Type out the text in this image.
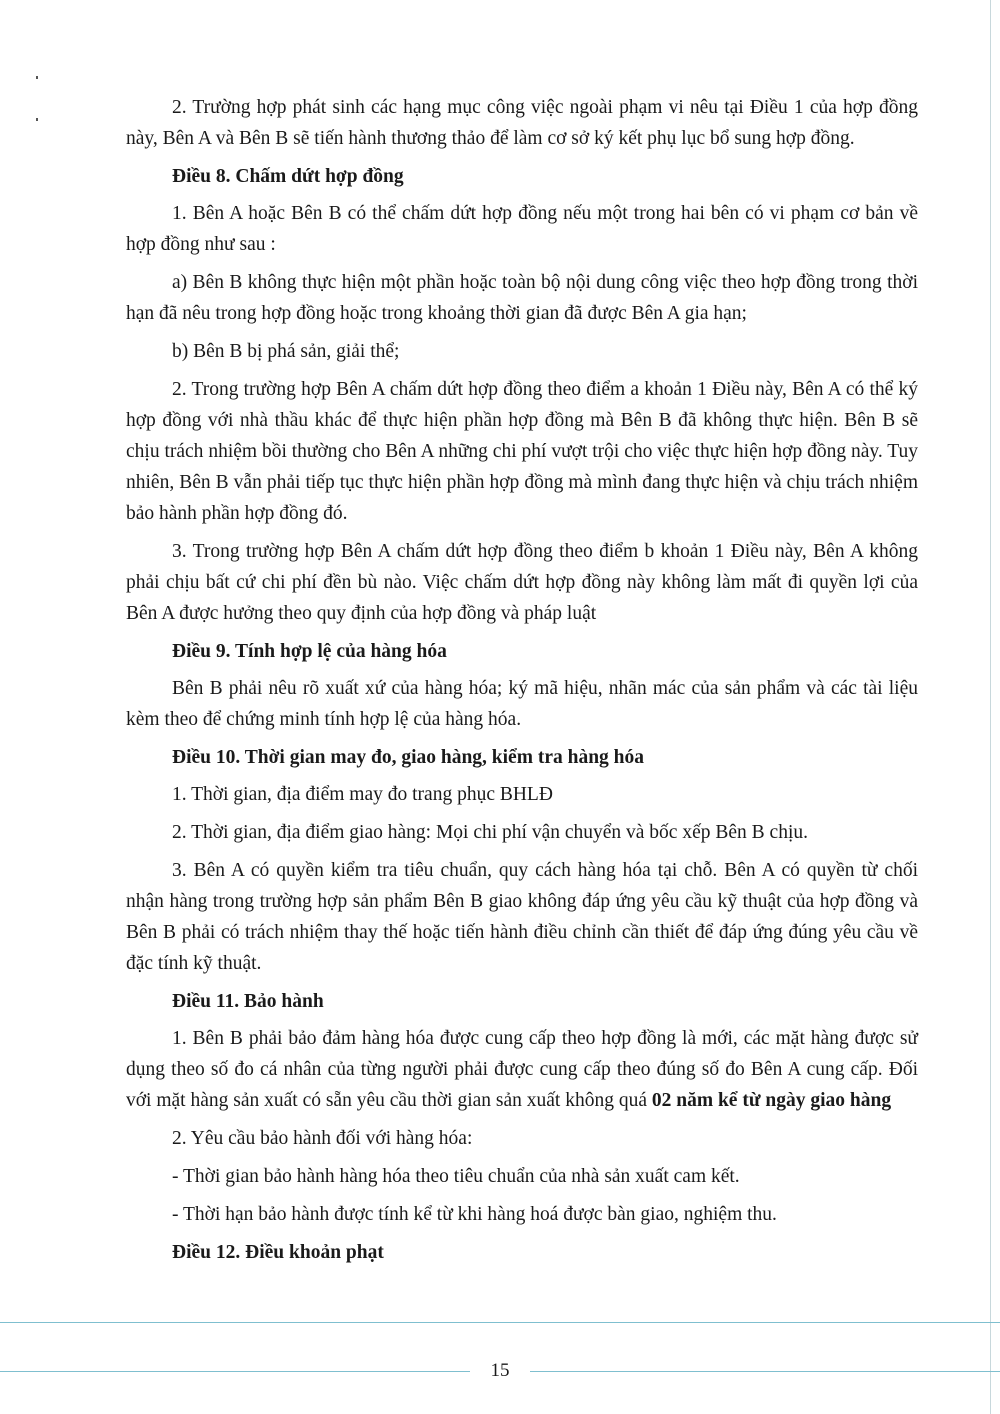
2. Trường hợp phát sinh các hạng mục công việc ngoài phạm vi nêu tại Điều 1 của hợp đồng này, Bên A và Bên B sẽ tiến hành thương thảo để làm cơ sở ký kết phụ lục bổ sung hợp đồng.

Điều 8. Chấm dứt hợp đồng

1. Bên A hoặc Bên B có thể chấm dứt hợp đồng nếu một trong hai bên có vi phạm cơ bản về hợp đồng như sau :

a) Bên B không thực hiện một phần hoặc toàn bộ nội dung công việc theo hợp đồng trong thời hạn đã nêu trong hợp đồng hoặc trong khoảng thời gian đã được Bên A gia hạn;

b) Bên B bị phá sản, giải thể;

2. Trong trường hợp Bên A chấm dứt hợp đồng theo điểm a khoản 1 Điều này, Bên A có thể ký hợp đồng với nhà thầu khác để thực hiện phần hợp đồng mà Bên B đã không thực hiện. Bên B sẽ chịu trách nhiệm bồi thường cho Bên A những chi phí vượt trội cho việc thực hiện hợp đồng này. Tuy nhiên, Bên B vẫn phải tiếp tục thực hiện phần hợp đồng mà mình đang thực hiện và chịu trách nhiệm bảo hành phần hợp đồng đó.

3. Trong trường hợp Bên A chấm dứt hợp đồng theo điểm b khoản 1 Điều này, Bên A không phải chịu bất cứ chi phí đền bù nào. Việc chấm dứt hợp đồng này không làm mất đi quyền lợi của Bên A được hưởng theo quy định của hợp đồng và pháp luật

Điều 9. Tính hợp lệ của hàng hóa

Bên B phải nêu rõ xuất xứ của hàng hóa; ký mã hiệu, nhãn mác của sản phẩm và các tài liệu kèm theo để chứng minh tính hợp lệ của hàng hóa.

Điều 10. Thời gian may đo, giao hàng, kiểm tra hàng hóa

1. Thời gian, địa điểm may đo trang phục BHLĐ

2. Thời gian, địa điểm giao hàng: Mọi chi phí vận chuyển và bốc xếp Bên B chịu.

3. Bên A có quyền kiểm tra tiêu chuẩn, quy cách hàng hóa tại chỗ. Bên A có quyền từ chối nhận hàng trong trường hợp sản phẩm Bên B giao không đáp ứng yêu cầu kỹ thuật của hợp đồng và Bên B phải có trách nhiệm thay thế hoặc tiến hành điều chỉnh cần thiết để đáp ứng đúng yêu cầu về đặc tính kỹ thuật.

Điều 11. Bảo hành

1. Bên B phải bảo đảm hàng hóa được cung cấp theo hợp đồng là mới, các mặt hàng được sử dụng theo số đo cá nhân của từng người phải được cung cấp theo đúng số đo Bên A cung cấp. Đối với mặt hàng sản xuất có sẵn yêu cầu thời gian sản xuất không quá 02 năm kể từ ngày giao hàng

2. Yêu cầu bảo hành đối với hàng hóa:

- Thời gian bảo hành hàng hóa theo tiêu chuẩn của nhà sản xuất cam kết.

- Thời hạn bảo hành được tính kể từ khi hàng hoá được bàn giao, nghiệm thu.

Điều 12. Điều khoản phạt

15
